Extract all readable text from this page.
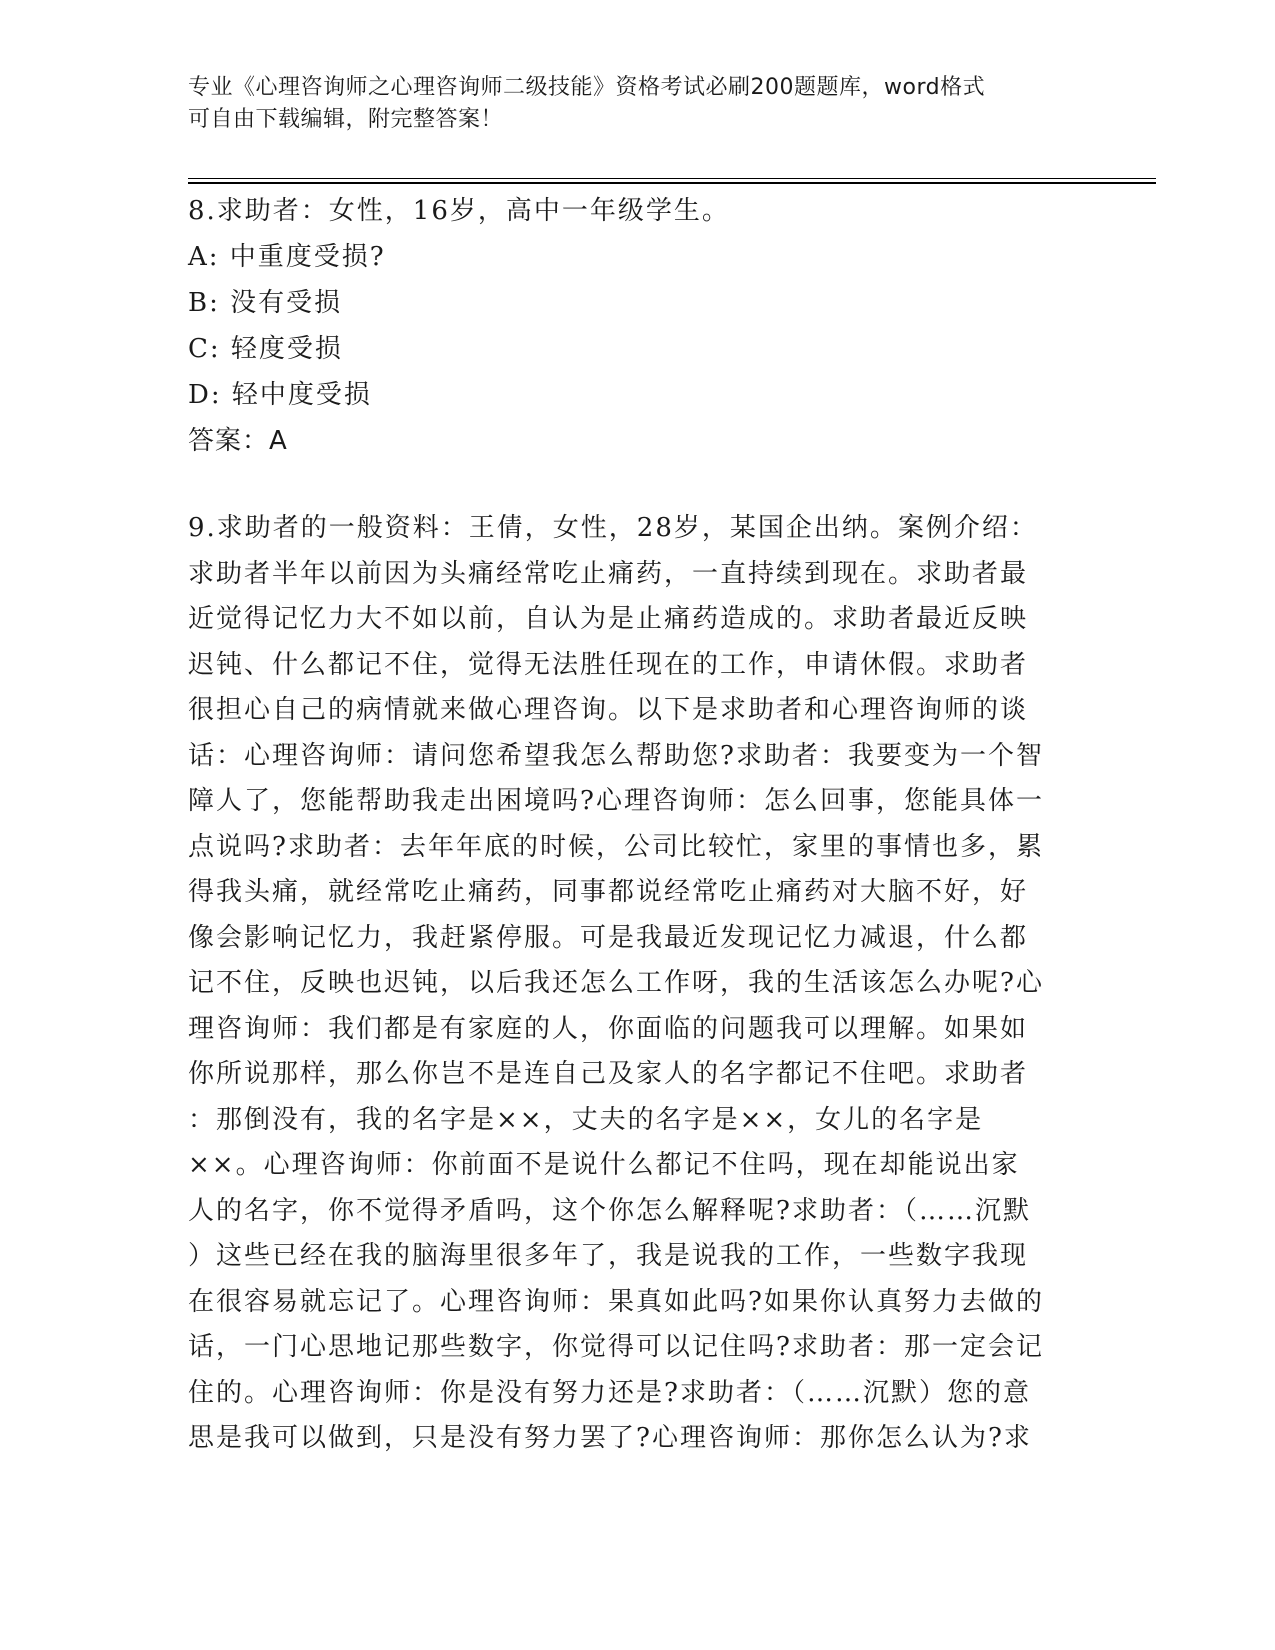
专业《心理咨询师之心理咨询师二级技能》资格考试必刷200题题库，word格式
可自由下载编辑，附完整答案！
8.求助者：女性，16岁，高中一年级学生。
A: 中重度受损?
B: 没有受损
C: 轻度受损
D: 轻中度受损
答案：A
9.求助者的一般资料：王倩，女性，28岁，某国企出纳。案例介绍：
求助者半年以前因为头痛经常吃止痛药，一直持续到现在。求助者最
近觉得记忆力大不如以前，自认为是止痛药造成的。求助者最近反映
迟钝、什么都记不住，觉得无法胜任现在的工作，申请休假。求助者
很担心自己的病情就来做心理咨询。以下是求助者和心理咨询师的谈
话：心理咨询师：请问您希望我怎么帮助您?求助者：我要变为一个智
障人了，您能帮助我走出困境吗?心理咨询师：怎么回事，您能具体一
点说吗?求助者：去年年底的时候，公司比较忙，家里的事情也多，累
得我头痛，就经常吃止痛药，同事都说经常吃止痛药对大脑不好，好
像会影响记忆力，我赶紧停服。可是我最近发现记忆力减退，什么都
记不住，反映也迟钝，以后我还怎么工作呀，我的生活该怎么办呢?心
理咨询师：我们都是有家庭的人，你面临的问题我可以理解。如果如
你所说那样，那么你岂不是连自己及家人的名字都记不住吧。求助者
：那倒没有，我的名字是××，丈夫的名字是××，女儿的名字是
××。心理咨询师：你前面不是说什么都记不住吗，现在却能说出家
人的名字，你不觉得矛盾吗，这个你怎么解释呢?求助者：（……沉默
）这些已经在我的脑海里很多年了，我是说我的工作，一些数字我现
在很容易就忘记了。心理咨询师：果真如此吗?如果你认真努力去做的
话，一门心思地记那些数字，你觉得可以记住吗?求助者：那一定会记
住的。心理咨询师：你是没有努力还是?求助者：（……沉默）您的意
思是我可以做到，只是没有努力罢了?心理咨询师：那你怎么认为?求
